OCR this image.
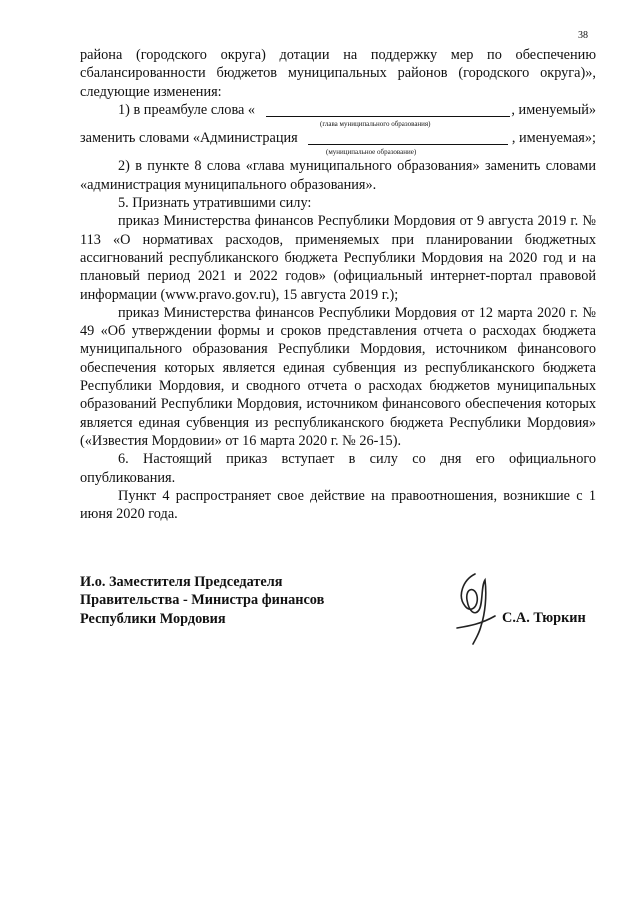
38

района (городского округа) дотации на поддержку мер по обеспечению сбалансированности бюджетов муниципальных районов (городского округа)», следующие изменения:

1) в преамбуле слова «	, именуемый»
(глава муниципального образования)
заменить словами «Администрация	, именуемая»;
(муниципальное образование)

2) в пункте 8 слова «глава муниципального образования» заменить словами «администрация муниципального образования».

5. Признать утратившими силу:

приказ Министерства финансов Республики Мордовия от 9 августа 2019 г. № 113 «О нормативах расходов, применяемых при планировании бюджетных ассигнований республиканского бюджета Республики Мордовия на 2020 год и на плановый период 2021 и 2022 годов» (официальный интернет-портал правовой информации (www.pravo.gov.ru), 15 августа 2019 г.);

приказ Министерства финансов Республики Мордовия от 12 марта 2020 г. № 49 «Об утверждении формы и сроков представления отчета о расходах бюджета муниципального образования Республики Мордовия, источником финансового обеспечения которых является единая субвенция из республиканского бюджета Республики Мордовия, и сводного отчета о расходах бюджетов муниципальных образований Республики Мордовия, источником финансового обеспечения которых является единая субвенция из республиканского бюджета Республики Мордовия» («Известия Мордовии» от 16 марта 2020 г. № 26-15).

6. Настоящий приказ вступает в силу со дня его официального опубликования.

Пункт 4 распространяет свое действие на правоотношения, возникшие с 1 июня 2020 года.

И.о. Заместителя Председателя
Правительства - Министра финансов
Республики Мордовия	С.А. Тюркин
